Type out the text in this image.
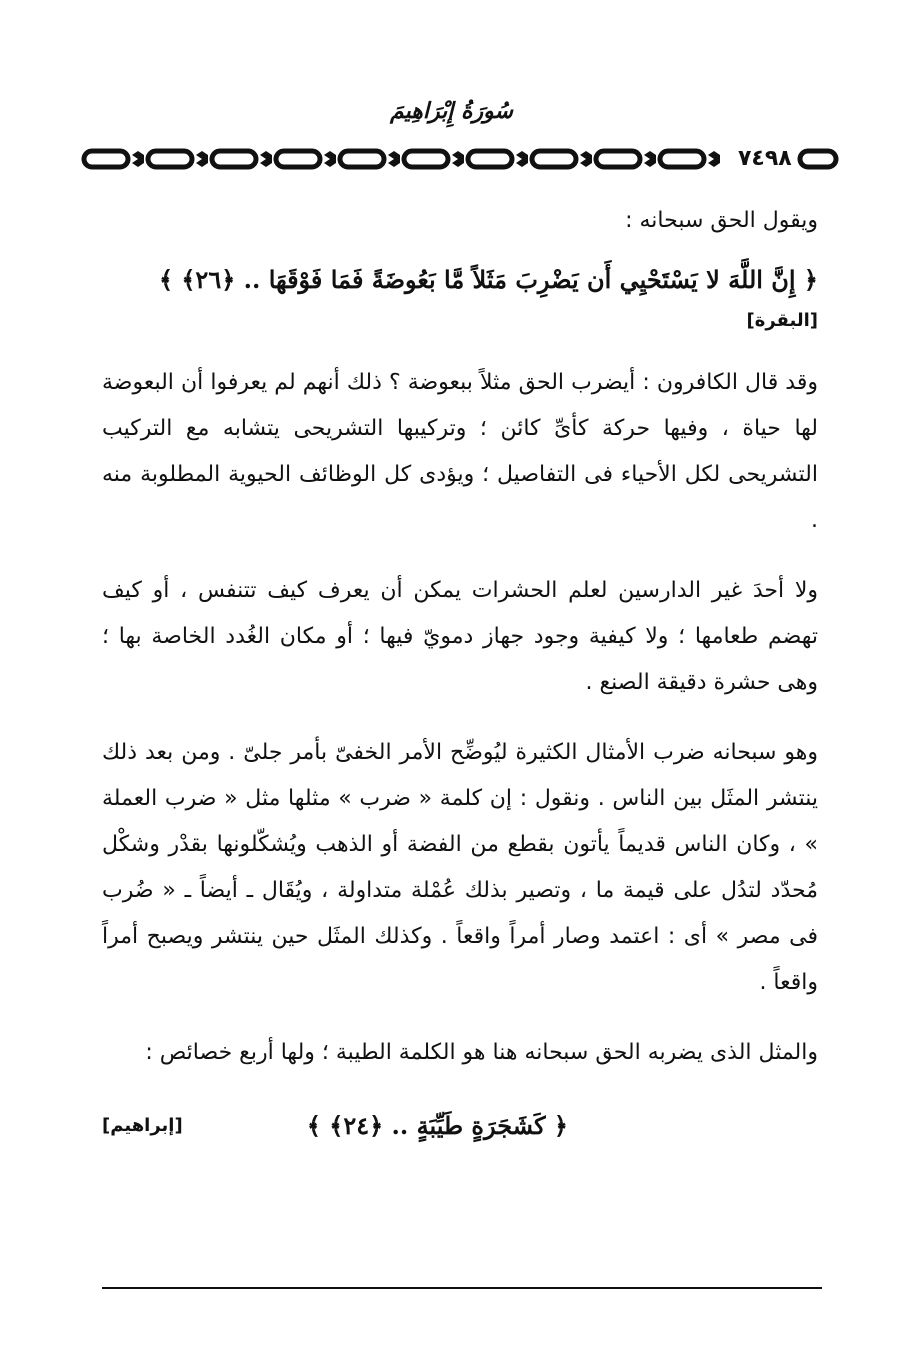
سُورَةُ إِبْرَاهِيمَ
٧٤٩٨

ويقول الحق سبحانه :

﴿ إِنَّ اللَّهَ لا يَسْتَحْيِي أَن يَضْرِبَ مَثَلاً مَّا بَعُوضَةً فَمَا فَوْقَهَا .. ﴿٢٦﴾ ﴾

[البقرة]

وقد قال الكافرون : أيضرب الحق مثلاً ببعوضة ؟ ذلك أنهم لم يعرفوا أن البعوضة لها حياة ، وفيها حركة كأىِّ كائن ؛ وتركيبها التشريحى يتشابه مع التركيب التشريحى لكل الأحياء فى التفاصيل ؛ ويؤدى كل الوظائف الحيوية المطلوبة منه .

ولا أحدَ غير الدارسين لعلم الحشرات يمكن أن يعرف كيف تتنفس ، أو كيف تهضم طعامها ؛ ولا كيفية وجود جهاز دمويّ فيها ؛ أو مكان الغُدد الخاصة بها ؛ وهى حشرة دقيقة الصنع .

وهو سبحانه ضرب الأمثال الكثيرة ليُوضِّح الأمر الخفىّ بأمر جلىّ . ومن بعد ذلك ينتشر المثَل بين الناس . ونقول : إن كلمة « ضرب » مثلها مثل « ضرب العملة » ، وكان الناس قديماً يأتون بقطع من الفضة أو الذهب ويُشكّلونها بقدْر وشكْل مُحدّد لتدُل على قيمة ما ، وتصير بذلك عُمْلة متداولة ، ويُقَال ـ أيضاً ـ « ضُرب فى مصر » أى : اعتمد وصار أمراً واقعاً . وكذلك المثَل حين ينتشر ويصبح أمراً واقعاً .

والمثل الذى يضربه الحق سبحانه هنا هو الكلمة الطيبة ؛ ولها أربع خصائص :

﴿ كَشَجَرَةٍ طَيِّبَةٍ .. ﴿٢٤﴾ ﴾

[إبراهيم]
